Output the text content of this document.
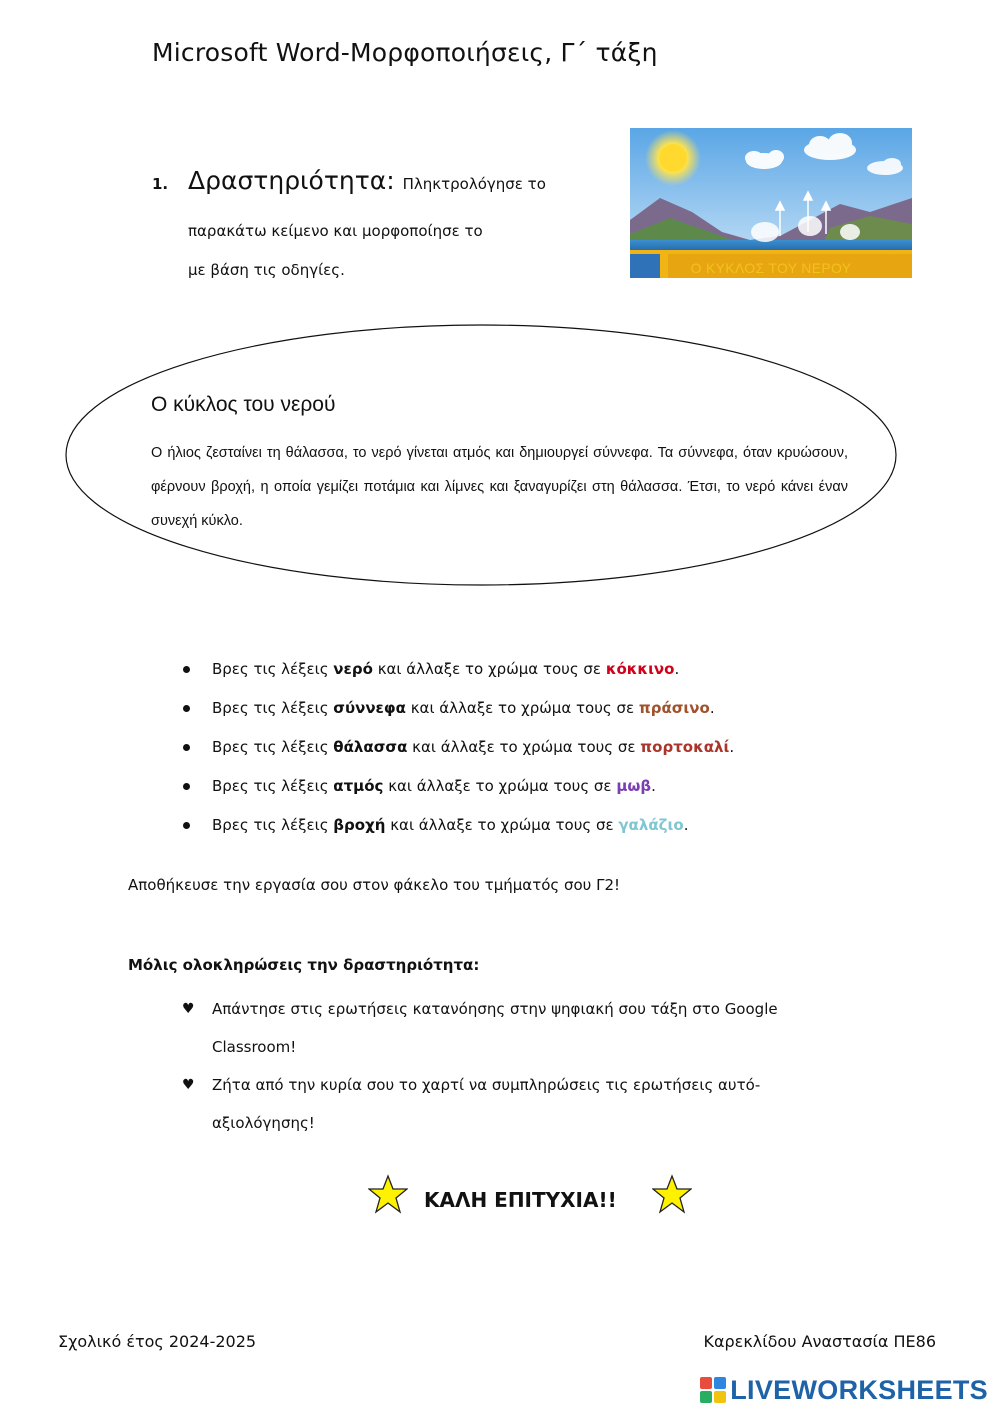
Microsoft Word-Μορφοποιήσεις, Γ΄ τάξη
1. Δραστηριότητα: Πληκτρολόγησε το
παρακάτω κείμενο και μορφοποίησε το
με βάση τις οδηγίες.	Ο ΚΥΚΛΟΣ ΤΟΥ ΝΕΡΟΥ
Ο κύκλος του νερού
Ο ήλιος ζεσταίνει τη θάλασσα, το νερό γίνεται ατμός και δημιουργεί σύννεφα. Τα σύννεφα, όταν κρυώσουν, φέρνουν βροχή, η οποία γεμίζει ποτάμια και λίμνες και ξαναγυρίζει στη θάλασσα. Έτσι, το νερό κάνει έναν συνεχή κύκλο.
Βρες τις λέξεις νερό και άλλαξε το χρώμα τους σε κόκκινο.
Βρες τις λέξεις σύννεφα και άλλαξε το χρώμα τους σε πράσινο.
Βρες τις λέξεις θάλασσα και άλλαξε το χρώμα τους σε πορτοκαλί.
Βρες τις λέξεις ατμός και άλλαξε το χρώμα τους σε μωβ.
Βρες τις λέξεις βροχή και άλλαξε το χρώμα τους σε γαλάζιο.
Αποθήκευσε την εργασία σου στον φάκελο του τμήματός σου Γ2!
Μόλις ολοκληρώσεις την δραστηριότητα:
♥ Απάντησε στις ερωτήσεις κατανόησης στην ψηφιακή σου τάξη στο Google Classroom!
♥ Ζήτα από την κυρία σου το χαρτί να συμπληρώσεις τις ερωτήσεις αυτό-αξιολόγησης!
ΚΑΛΗ ΕΠΙΤΥΧΙΑ!!
Σχολικό έτος 2024-2025	Καρεκλίδου Αναστασία ΠΕ86
LIVEWORKSHEETS
